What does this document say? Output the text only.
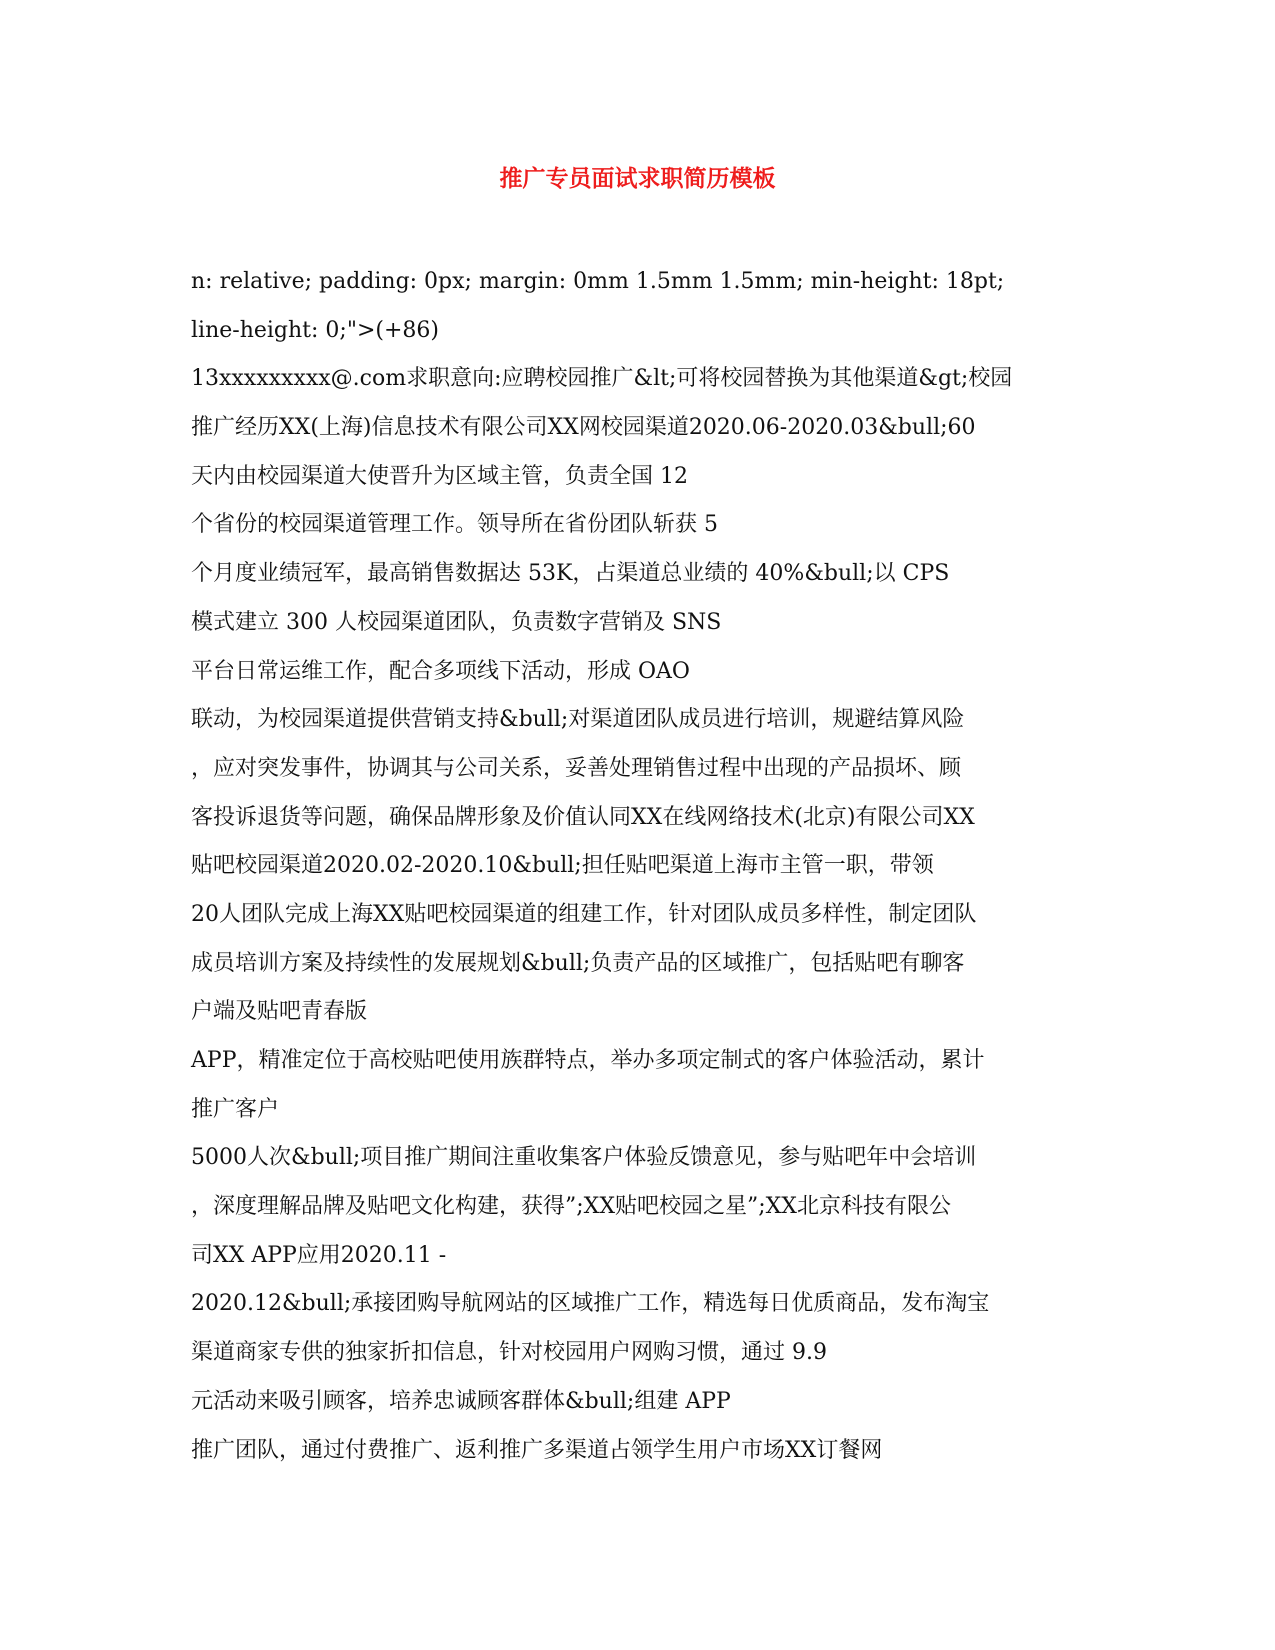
推广专员面试求职简历模板
n: relative; padding: 0px; margin: 0mm 1.5mm 1.5mm; min-height: 18pt;
line-height: 0;">(+86)
13xxxxxxxxx@.com求职意向:应聘校园推广&lt;可将校园替换为其他渠道&gt;校园
推广经历XX(上海)信息技术有限公司XX网校园渠道2020.06-2020.03&bull;60
天内由校园渠道大使晋升为区域主管，负责全国 12
个省份的校园渠道管理工作。领导所在省份团队斩获 5
个月度业绩冠军，最高销售数据达 53K，占渠道总业绩的 40%&bull;以 CPS
模式建立 300 人校园渠道团队，负责数字营销及 SNS
平台日常运维工作，配合多项线下活动，形成 OAO
联动，为校园渠道提供营销支持&bull;对渠道团队成员进行培训，规避结算风险
，应对突发事件，协调其与公司关系，妥善处理销售过程中出现的产品损坏、顾
客投诉退货等问题，确保品牌形象及价值认同XX在线网络技术(北京)有限公司XX
贴吧校园渠道2020.02-2020.10&bull;担任贴吧渠道上海市主管一职，带领
20人团队完成上海XX贴吧校园渠道的组建工作，针对团队成员多样性，制定团队
成员培训方案及持续性的发展规划&bull;负责产品的区域推广，包括贴吧有聊客
户端及贴吧青春版
APP，精准定位于高校贴吧使用族群特点，举办多项定制式的客户体验活动，累计
推广客户
5000人次&bull;项目推广期间注重收集客户体验反馈意见，参与贴吧年中会培训
，深度理解品牌及贴吧文化构建，获得”;XX贴吧校园之星”;XX北京科技有限公
司XX APP应用2020.11 -
2020.12&bull;承接团购导航网站的区域推广工作，精选每日优质商品，发布淘宝
渠道商家专供的独家折扣信息，针对校园用户网购习惯，通过 9.9
元活动来吸引顾客，培养忠诚顾客群体&bull;组建 APP
推广团队，通过付费推广、返利推广多渠道占领学生用户市场XX订餐网
